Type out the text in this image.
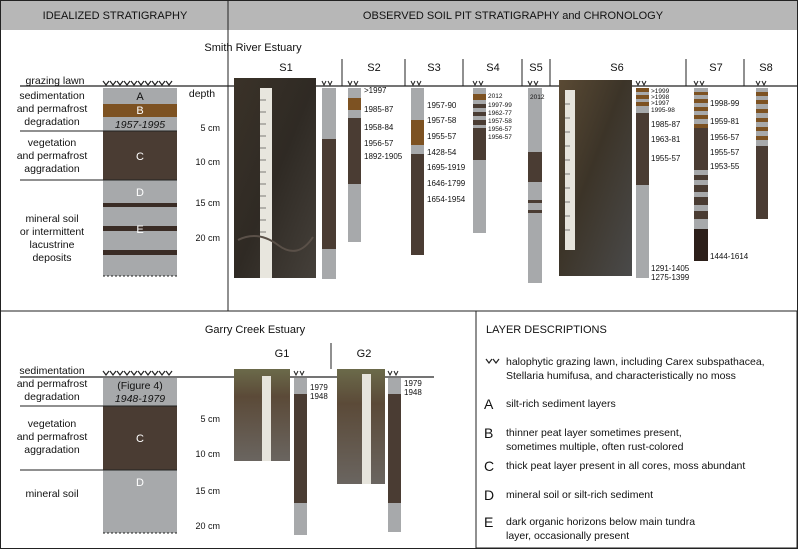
IDEALIZED STRATIGRAPHY	OBSERVED SOIL PIT STRATIGRAPHY and CHRONOLOGY
Smith River Estuary
S1	S2	S3	S4	S5	S6	S7	S8
A
B
C
D
E
1957-1995
grazing lawn
sedimentation
and permafrost
degradation
vegetation
and permafrost
aggradation
mineral soil
or intermittent
lacustrine
deposits
depth
5 cm
10 cm
15 cm
20 cm
>1997
1985-87
1958-84
1956-57
1892-1905
1957-90
1957-58
1955-57
1428-54
1695-1919
1646-1799
1654-1954
2012
1997-99
1962-77
1957-58
1956-57
1956-57
2012
>1999
>1998
>1997
1995-98
1985-87
1963-81
1955-57
1291-1405
1275-1399
1998-99
1959-81
1956-57
1955-57
1953-55
1444-1614
Garry Creek Estuary
G1	G2
(Figure 4)
1948-1979
C
D
sedimentation
and permafrost
degradation
vegetation
and permafrost
aggradation
mineral soil
5 cm
10 cm
15 cm
20 cm
1979
1948
1979
1948
LAYER DESCRIPTIONS
halophytic grazing lawn, including Carex subspathacea,
Stellaria humifusa, and characteristically no moss
A silt-rich sediment layers
B thinner peat layer sometimes present,
sometimes multiple, often rust-colored
C thick peat layer present in all cores, moss abundant
D mineral soil or silt-rich sediment
E dark organic horizons below main tundra
layer, occasionally present
